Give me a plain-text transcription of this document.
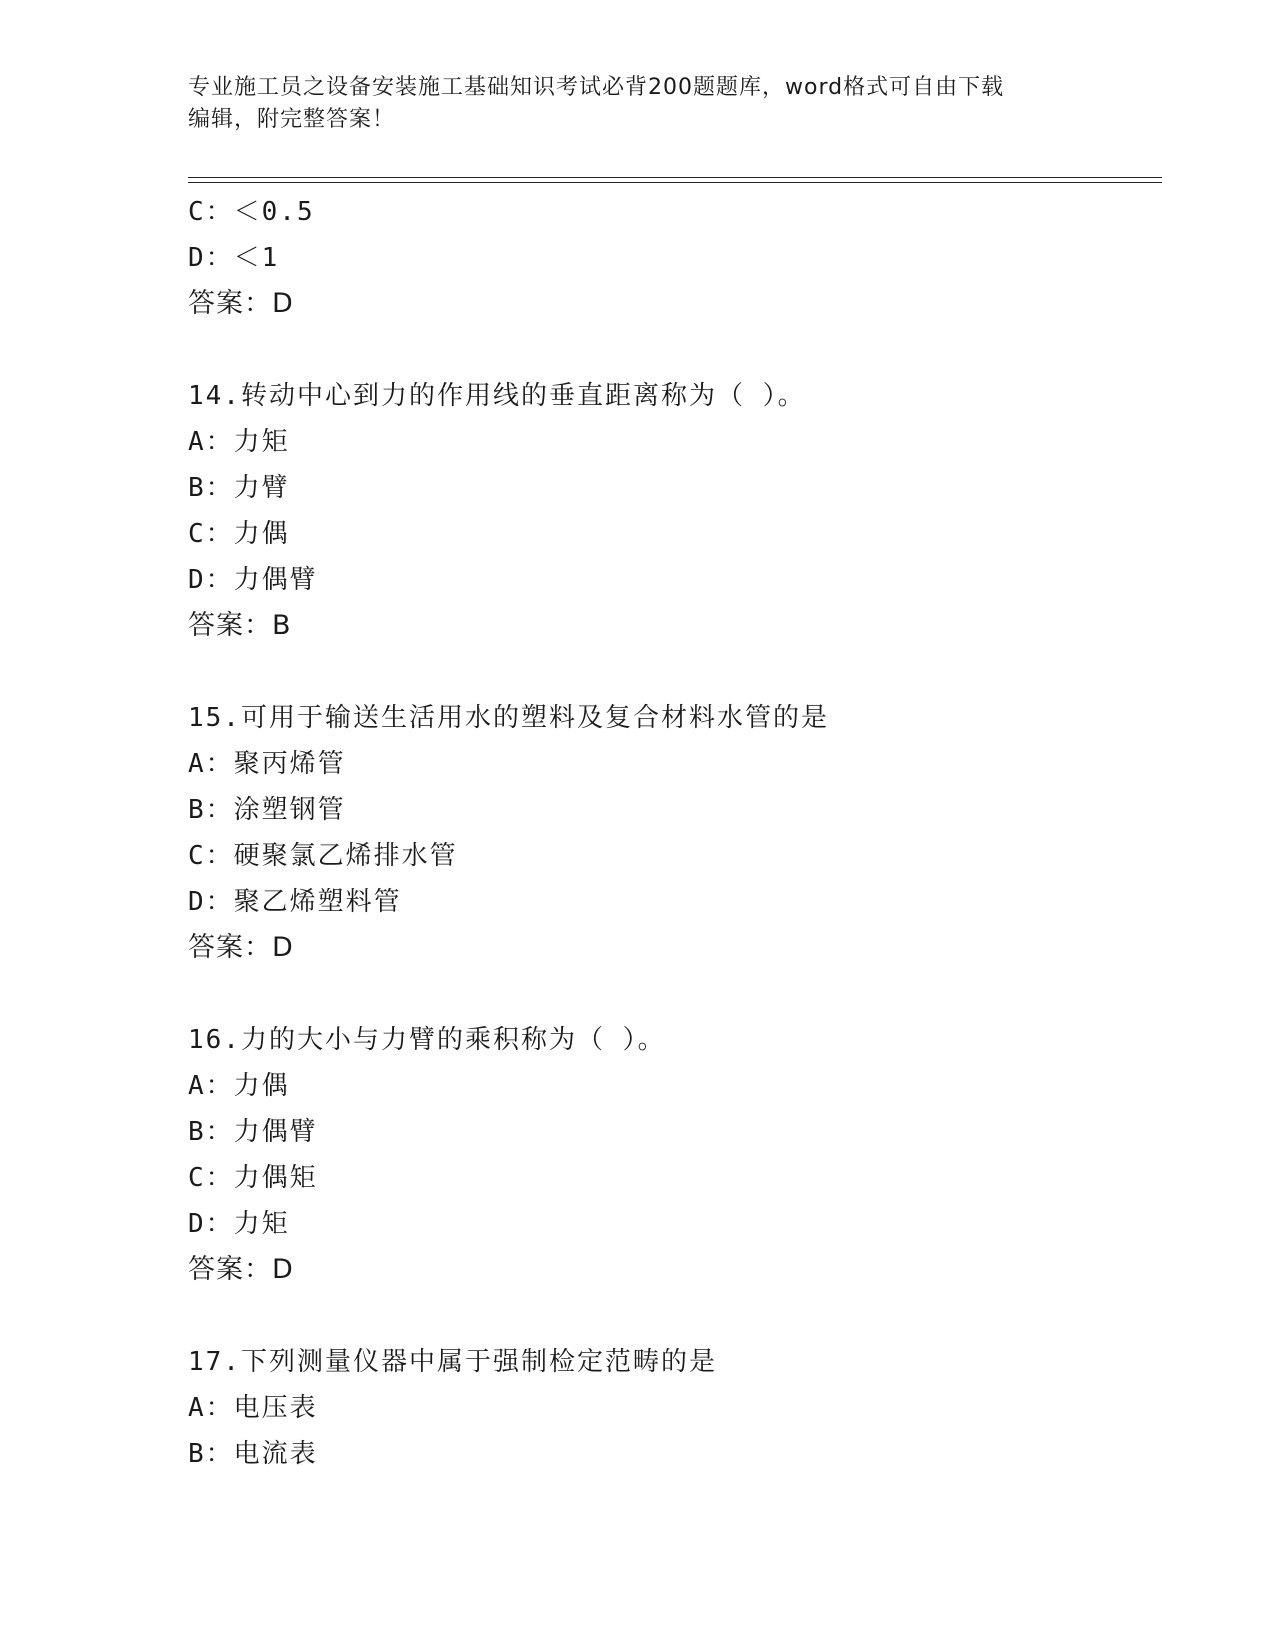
专业施工员之设备安装施工基础知识考试必背200题题库，word格式可自由下载
编辑，附完整答案！
C：＜0.5
D：＜1
答案：D
14.转动中心到力的作用线的垂直距离称为（ ）。
A：力矩
B：力臂
C：力偶
D：力偶臂
答案：B
15.可用于输送生活用水的塑料及复合材料水管的是
A：聚丙烯管
B：涂塑钢管
C：硬聚氯乙烯排水管
D：聚乙烯塑料管
答案：D
16.力的大小与力臂的乘积称为（ ）。
A：力偶
B：力偶臂
C：力偶矩
D：力矩
答案：D
17.下列测量仪器中属于强制检定范畴的是
A：电压表
B：电流表
